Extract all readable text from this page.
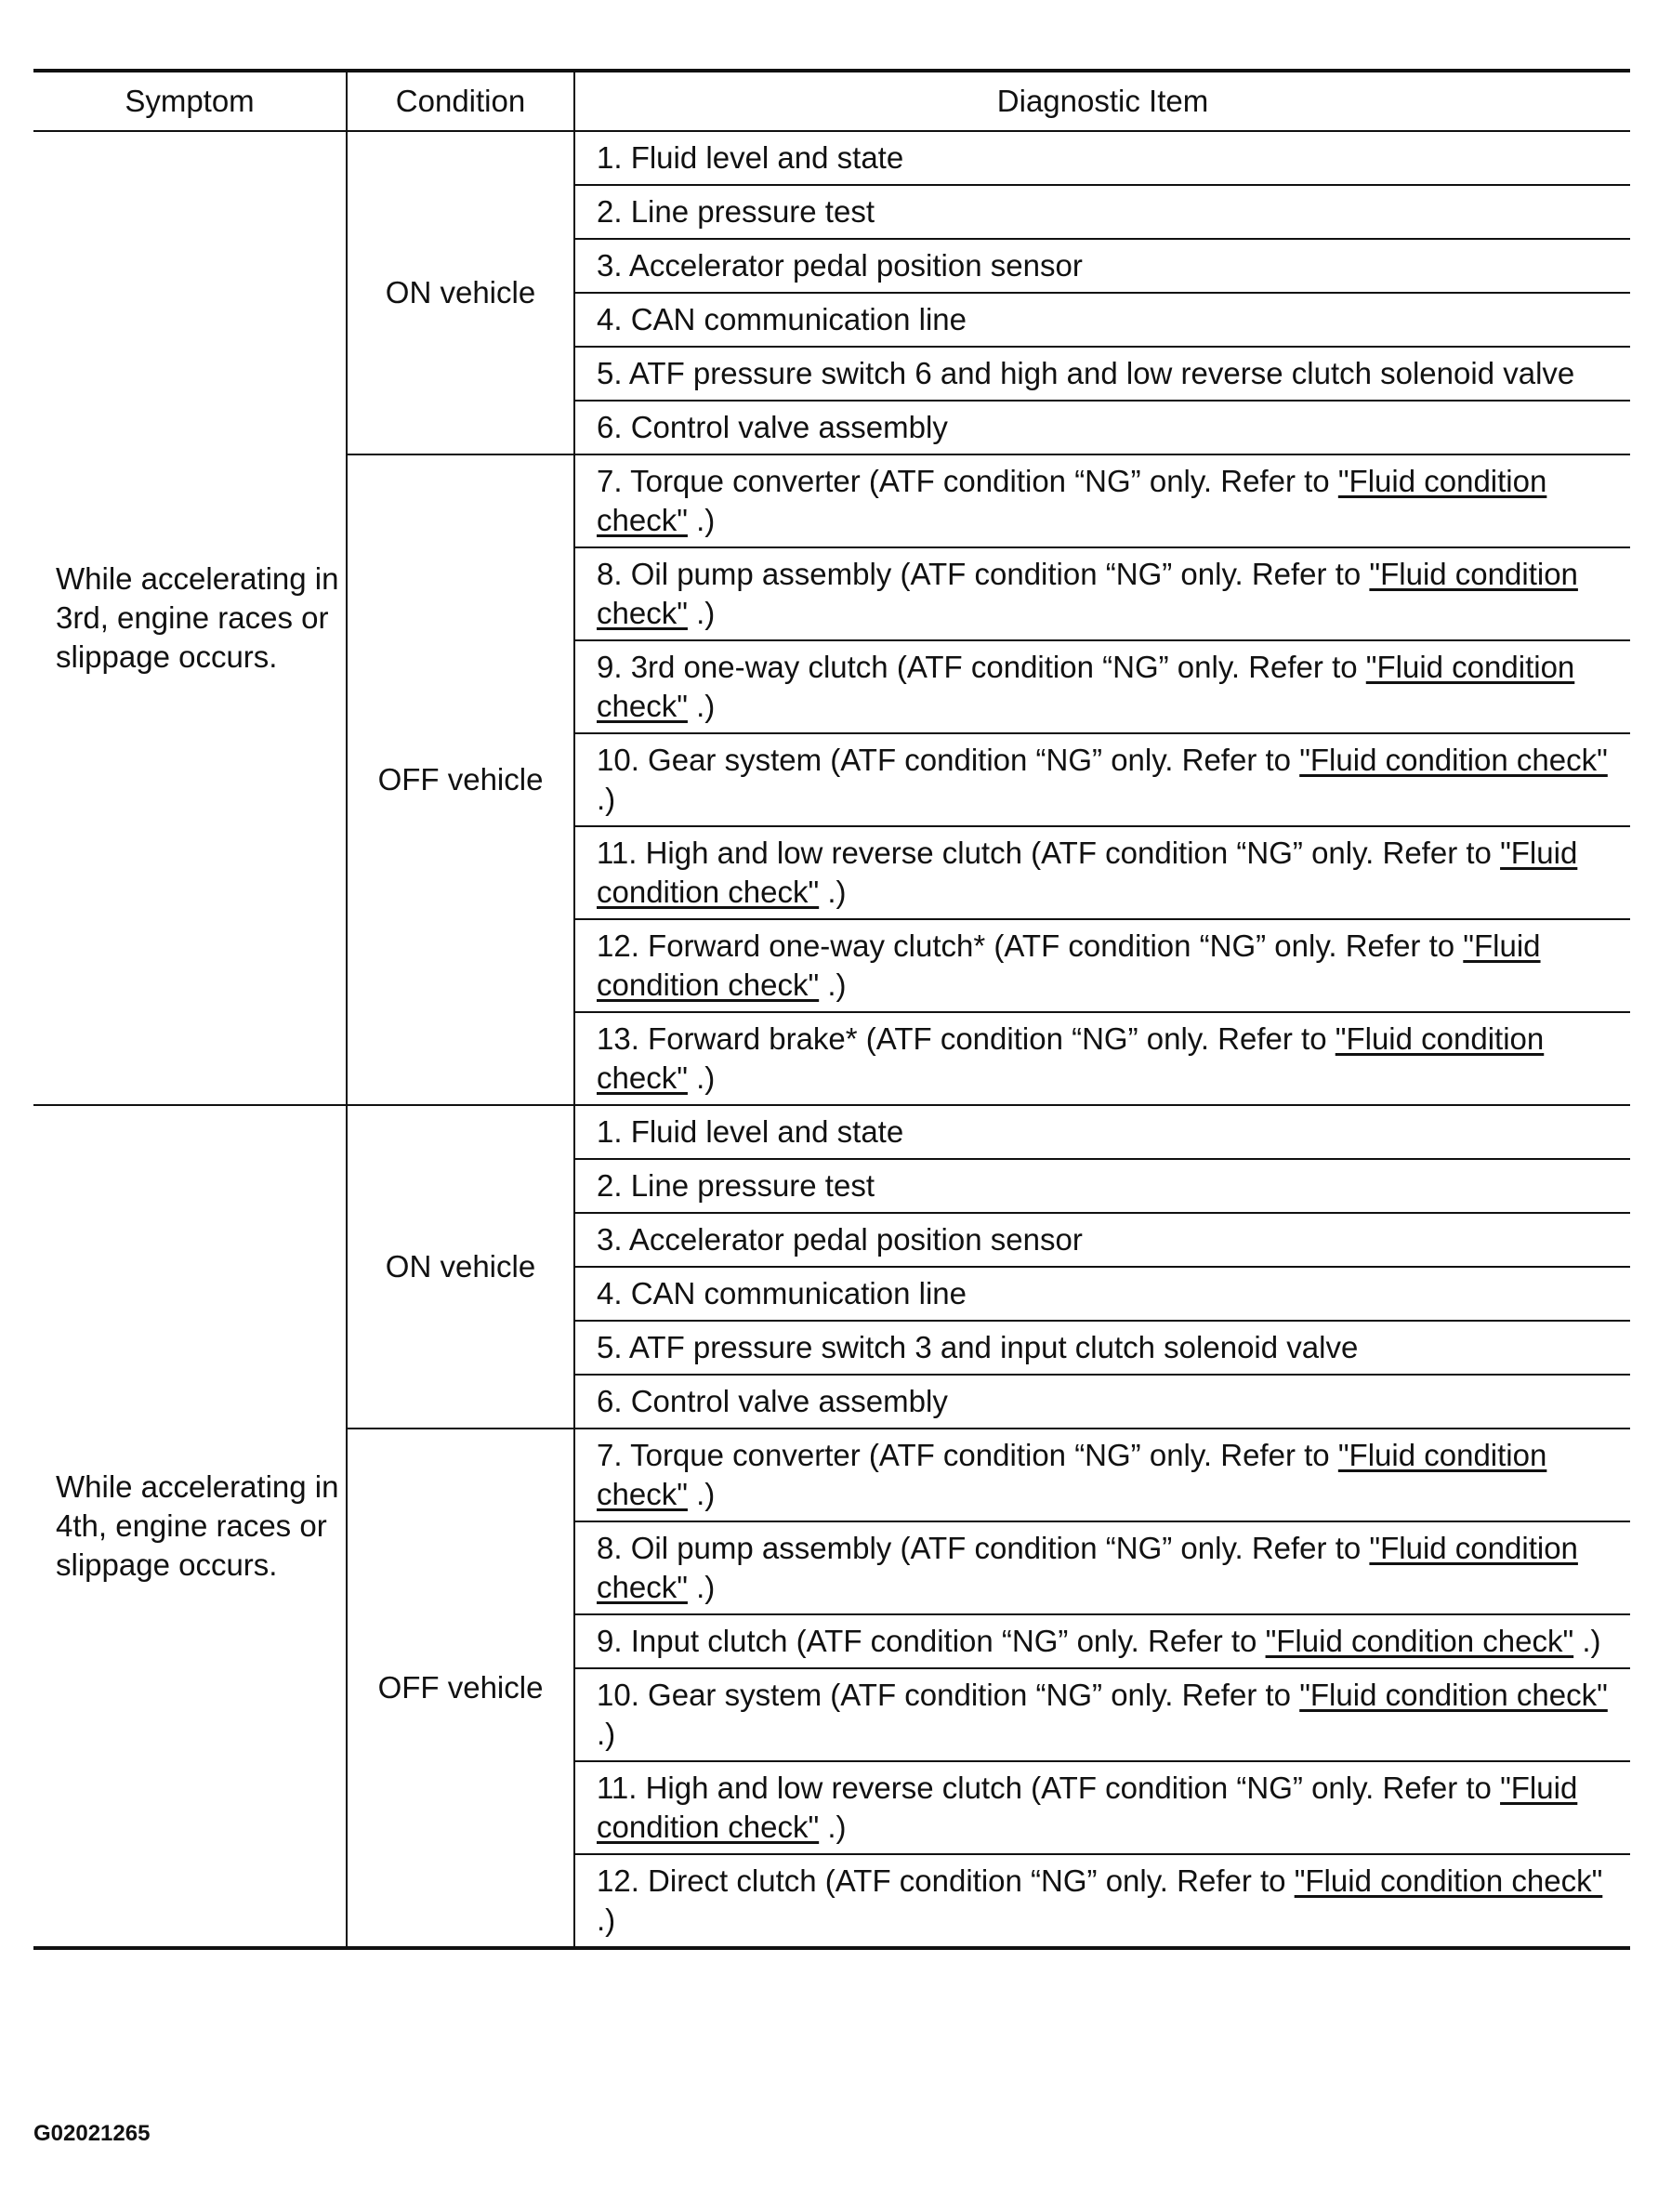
Symptom	Condition	Diagnostic Item
While accelerating in 3rd, engine races or slippage occurs.	ON vehicle	1. Fluid level and state
		2. Line pressure test
		3. Accelerator pedal position sensor
		4. CAN communication line
		5. ATF pressure switch 6 and high and low reverse clutch solenoid valve
		6. Control valve assembly
	OFF vehicle	7. Torque converter (ATF condition “NG” only. Refer to "Fluid condition check" .)
		8. Oil pump assembly (ATF condition “NG” only. Refer to "Fluid condition check" .)
		9. 3rd one-way clutch (ATF condition “NG” only. Refer to "Fluid condition check" .)
		10. Gear system (ATF condition “NG” only. Refer to "Fluid condition check" .)
		11. High and low reverse clutch (ATF condition “NG” only. Refer to "Fluid condition check" .)
		12. Forward one-way clutch* (ATF condition “NG” only. Refer to "Fluid condition check" .)
		13. Forward brake* (ATF condition “NG” only. Refer to "Fluid condition check" .)
While accelerating in 4th, engine races or slippage occurs.	ON vehicle	1. Fluid level and state
		2. Line pressure test
		3. Accelerator pedal position sensor
		4. CAN communication line
		5. ATF pressure switch 3 and input clutch solenoid valve
		6. Control valve assembly
	OFF vehicle	7. Torque converter (ATF condition “NG” only. Refer to "Fluid condition check" .)
		8. Oil pump assembly (ATF condition “NG” only. Refer to "Fluid condition check" .)
		9. Input clutch (ATF condition “NG” only. Refer to "Fluid condition check" .)
		10. Gear system (ATF condition “NG” only. Refer to "Fluid condition check" .)
		11. High and low reverse clutch (ATF condition “NG” only. Refer to "Fluid condition check" .)
		12. Direct clutch (ATF condition “NG” only. Refer to "Fluid condition check" .)
G02021265
